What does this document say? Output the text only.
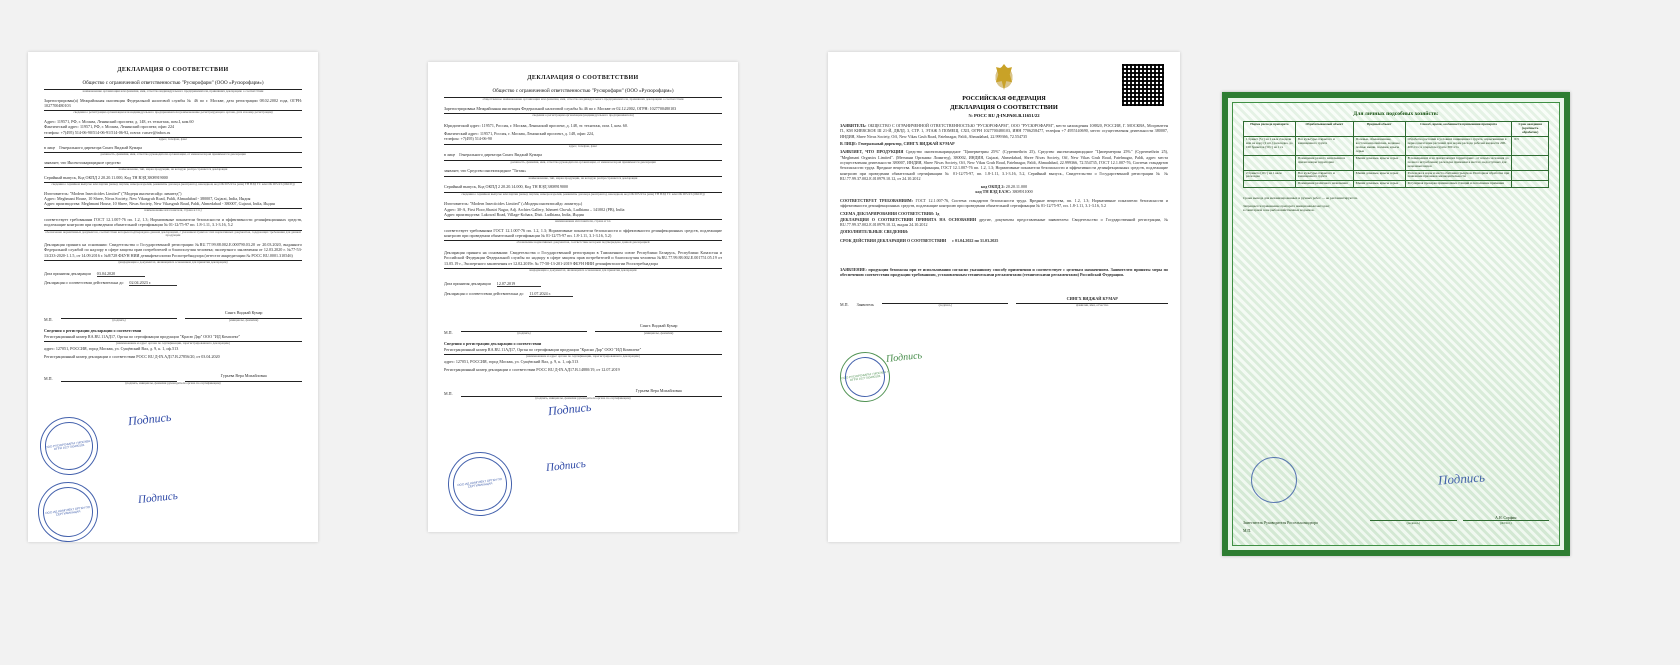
ДЕКЛАРАЦИЯ О СООТВЕТСТВИИ
Общество с ограниченной ответственностью "Русюрофарм" (ООО «Русюрофарм»)
наименование организации или фамилия, имя, отчество индивидуального предпринимателя, принявших декларацию о соответствии
Зарегистрирован(а) Межрайонная инспекция Федеральной налоговой службы № 46 по г. Москве, дата регистрации 08.02.2002 года, ОГРН: 1027700480103
сведения о регистрации организации или индивидуального предпринимателя (наименование регистрирующего органа, дата и номер регистрации)
Адрес: 119571, РФ, г. Москва, Ленинский проспект, д. 148, эт. технэтаж, пом.I, ком.60
Фактический адрес: 119571, РФ, г. Москва, Ленинский проспект, офис 224
телефон: +7(495) 514-06-90/514-06-91/514-06-92, почта: russev@inbox.ru
адрес, телефон, факс
в лице Генерального директора Сингх Виджай Кумара
должность, фамилия, имя, отчество руководителя организации, от имени которой принимается декларация
заявляет, что Инсектоакарицидное средство
наименование, тип, марка продукции, на которую распространяется декларация
Серийный выпуск, Код ОКПД 2 20.20.11.000, Код ТН ВЭД 3808919000
сведения о серийном выпуске или партии (номер партии, номера изделий, реквизиты договора (контракта), накладной, код ОК 005-93 и (или) ТН ВЭД ТС или ОК 005-93 (ОКСП))
Изготовитель: "Modern Insecticides Limited" ("Модерн инсектисайдс лимитед")
Адрес: Meghmani House, 10 Shree, Nivas Society, New Vikasgruh Road, Paldi, Ahmadabad - 380007, Gujarat, India, Индия
Адрес производства: Meghmani House, 10 Shree, Nivas Society, New Vikasgruh Road, Paldi, Ahmedabad - 380007, Gujarat, India, Индия
наименование изготовителя, страна и т.п.)
соответствует требованиям ГОСТ 12.1.007-76 пп. 1.2, 1.3; Нормативные показатели безопасности и эффективности дезинфекционных средств, подлежащие контролю при проведении обязательной сертификации № 01-12/75-97 пп. 1.8-1.11, 3.1-3.16, 5.2
обозначение нормативных документов, соответствие которым подтверждено данной декларацией, с указанием пунктов этих нормативных документов, содержащих требования для данной продукции
Декларация принята на основании: Свидетельства о Государственной регистрации №RU.77.99.88.002.Е.000790.03.20 от 20.03.2020, выданного Федеральной службой по надзору в сфере защиты прав потребителей и благополучия человека; экспертного заключения от 12.03.2020 г. №77-53-13/233-2020-1.1.5, от 14.09.2016 г. №8/728 ФБУН НИИ дезинфектологии Роспотребнадзора (аттестат аккредитации № РОСС RU.0001.310546)
(информация о документах, являющихся основанием для принятия декларации)
Дата принятия декларации 03.04.2020
Декларация о соответствии действительна до 02.04.2023 г.
М.П.	(подпись)
Сингх Виджай Кумар
(инициалы, фамилия)
Сведения о регистрации декларации о соответствии
Регистрационный номер RA.RU.11АД17, Орган по сертификации продукции "Красю Дар" ООО "ИД Комплект"
(наименование и адрес органа по сертификации, зарегистрировавшего декларацию)
адрес: 127051, РОССИЯ, город Москва, ул. Сущёвский Вал, д. 9, к. 1, оф.513
Регистрационный номер декларации о соответствии РОСС RU Д-IN.АД17.В.27856/20, от 03.04.2020
М.П.
Гурьева Вера Михайловна
(подпись, инициалы, фамилия руководителя органа по сертификации)
ООО РУСЮРОФАРМ • МОСКВА • ОГРН 1027700480103
Подпись
ООО ИД КОМПЛЕКТ ОРГАН ПО СЕРТИФИКАЦИИ
Подпись
ДЕКЛАРАЦИЯ О СООТВЕТСТВИИ
Общество с ограниченной ответственностью "Русюрофарм" (ООО «Русюрофарм»)
общественное наименование организации или фамилия, имя, отчество индивидуального предпринимателя, принявших декларацию о соответствии
Зарегистрирована Межрайонная инспекция Федеральной налоговой службы № 46 по г. Москве от 02.12.2002, ОГРН: 1027700480103
сведения о регистрации организации (индивидуального предпринимателя)
Юридический адрес: 119571, Россия, г. Москва, Ленинский проспект, д. 148, эт. технэтаж, пом. I, ком. 60.
Фактический адрес: 119571, Россия, г. Москва, Ленинский проспект, д. 148, офис 224,
телефон: +7(495) 514-06-90
адрес, телефон, факс
в лице Генерального директора Сингх Виджай Кумара
должность, фамилия, имя, отчество руководителя организации, от имени которой принимается декларация
заявляет, что Средство инсектицидное "Титан»
наименование, тип, марка продукции, на которую распространяется декларация
Серийный выпуск, Код ОКПД 2 20.20.14.000, Код ТН ВЭД 3808919000
сведения о серийном выпуске или партии (номер партии, номера изделий, реквизиты договора (контракта), накладной, код ОК 005-93 и (или) ТН ВЭД ТС или ОК 005-93 (ОКСП))
Изготовитель: "Modern Insecticides Limited" («Модерн инсектисайдс лимитед»)
Адрес: 30-А, First Floor,Shastri Nagar, Adj. Archies Gallery, Ishmeet Chowk, Ludhiana – 141002 (PB), India
Адрес производства: Lakowal Road, Village-Kohara, Distt. Ludhiana, India, Индия
наименование изготовителя, страна и т.п.
соответствует требованиям ГОСТ 12.1.007-76 пп. 1.2, 1.3; Нормативные показатели безопасности и эффективности дезинфекционных средств, подлежащие контролю при проведении обязательной сертификации № 01-12/75-97 пп. 1.8-1.11, 3.1-3.16, 5.2)
обозначение нормативных документов, соответствие которым подтверждено данной декларацией
Декларация принята на основании: Свидетельства о Государственной регистрации в Таможенном союзе Республики Беларусь, Республики Казахстан и Российской Федерации Федеральной службы по надзору в сфере защиты прав потребителей и благополучия человека №RU.77.99.88.002.Е.001751.05.19 от 13.05.19 г., Экспертного заключения от 12.02.2019г. № 77-50-13-201-2019 ФБУН НИИ дезинфектологии Роспотребнадзора
информация о документах, являющихся основанием для принятия декларации
Дата принятия декларации 12.07.2019
Декларация о соответствии действительна до 11.07.2024 г.
М.П.	(подпись)
Сингх Виджай Кумар
(инициалы, фамилия)
Сведения о регистрации декларации о соответствии
Регистрационный номер RA.RU.11АД17, Орган по сертификации продукции "Красно Дар" ООО "ИД Комплект"
(наименование и адрес органа по сертификации, зарегистрировавшего декларацию)
адрес: 127051, РОССИЯ, город Москва, ул. Сущёвский Вал, д. 9, к. 1, оф.513
Регистрационный номер декларации о соответствии РОСС RU Д-IN.АД17.В.14880/19, от 12.07.2019
М.П.
Гурьева Вера Михайловна
(подпись, инициалы, фамилия руководителя органа по сертификации)
Подпись
ООО ИД КОМПЛЕКТ ОРГАН ПО СЕРТИФИКАЦИИ
Подпись
РОССИЙСКАЯ ФЕДЕРАЦИЯ
ДЕКЛАРАЦИЯ О СООТВЕТСТВИИ
№ РОСС RU Д-IN.РА01.В.11651/22
ЗАЯВИТЕЛЬ: ОБЩЕСТВО С ОГРАНИЧЕННОЙ ОТВЕТСТВЕННОСТЬЮ "РУСЮРОФАРМ", ООО "РУСЮРОФАРМ", место нахождения 108820, РОССИЯ, Г. МОСКВА, Мосрентген П., КМ КИЕВСКОЕ Ш 21-Й, ДВЛД. 3, СТР. 1, ЭТАЖ 5 ПОМЕЩ. СХII, ОГРН 1027700480103, ИНН 7706258477, телефон +7 4955140690, место осуществления деятельности 380007, ИНДИЯ, Shree Nivas Society, Off, New Vikas Gruh Road, Fatehnagar, Paldi, Ahmadabad, 22.999366, 72.554735
В ЛИЦЕ: Генеральный директор, СИНГХ ВИДЖАЙ КУМАР
ЗАЯВЛЯЕТ, ЧТО ПРОДУКЦИЯ Средство инсектоакарицидное "Циперметрин 25%" (Cypermethrin 25), Средство инсектоакарицидное "Циперметрин 25%" (Cypermethrin 25), "Meghmani Organics Limited". (Мегмани Органикс Лимитед), 380002, ИНДИЯ, Gujarat, Ahmedabad, Shree Nivas Society, Off, New Vikas Gruh Road, Fatehnagar, Paldi, адрес места осуществления деятельности 380007, ИНДИЯ, Shree Nivas Society, Off, New Vikas Gruh Road, Fatehnagar, Paldi, Ahmadabad, 22.999366, 72.554735, ГОСТ 12.1.007-76, Система стандартов безопасности труда. Вредные вещества. Классификация, ГОСТ 12.1.007-76 пп. 1.2, 1.3; Нормативные показатели безопасности и эффективности дезинфекционных средств, подлежащие контролю при проведении обязательной сертификации № 01-12/75-97, пп. 1.8-1.11, 3.1-3.16, 5.2, Серийный выпуск., Свидетельство о Государственной регистрации № № RU.77.99.37.002.E.010979.10.12, от 24.10.2012
код ОКПД 2: 20.20.11.000
код ТН ВЭД ЕАЭС: 3808911000
СООТВЕТСТВУЕТ ТРЕБОВАНИЯМ: ГОСТ 12.1.007-76, Система стандартов безопасности труда. Вредные вещества, пп. 1.2, 1.3; Нормативные показатели безопасности и эффективности дезинфекционных средств, подлежащие контролю при проведении обязательной сертификации № 01-12/75-97, пп. 1.8-1.11, 3.1-3.16, 5.2
СХЕМА ДЕКЛАРИРОВАНИЯ СООТВЕТСТВИЯ: 1д
ДЕКЛАРАЦИЯ О СООТВЕТСТВИИ ПРИНЯТА НА ОСНОВАНИИ другие, документы представленные заявителем: Свидетельство о Государственной регистрации, № RU.77.99.37.002.E.010979.10.12, выдан 24.10.2012
ДОПОЛНИТЕЛЬНЫЕ СВЕДЕНИЯ:
СРОК ДЕЙСТВИЯ ДЕКЛАРАЦИИ О СООТВЕТСТВИИ с 01.04.2022 по 31.03.2025
ЗАЯВЛЕНИЕ: продукция безопасна при ее использовании согласно указанному способу применения и соответствует с целевым назначением. Заявителем приняты меры по обеспечению соответствия продукции требованиям, установленным техническими регламентами (техническими регламентами) Российской Федерации.
М.П. Заявитель	(подпись)
СИНГХ ВИДЖАЙ КУМАР
фамилия, имя, отчество
ООО РУСЮРОФАРМ • МОСКВА • ОГРН 1027700480103
Подпись
Для личных подсобных хозяйств:
Норма расхода препарата	Обрабатываемый объект	Вредный объект	Способ, время, особенности применения препарата	Срок ожидания (кратность обработок)
1 брикет (5 г) на 1 кв.м 2 недели или на нору (2 шт.) раскладка, до 100 брикетов (50 г) на 1 га	Все культуры открытого и защищенного грунта	Полевые, обыкновенные, восточноевропейские, водяные, лесные мыши, полевки, крысы серые	Обработка растений в условиях защищенного грунта, опрыскивание в период вегетации растений при норме расхода рабочей жидкости 200-400 л/га; в открытом грунте 300 л/га	6/3
	Помещения разного назначения и прилегающая территория	Мыши домовые, крысы серые	В помещениях и на прилегающих территориях - от начала заселения до полного истребления; раскладка приманки в местах, недоступных для нецелевых видов	
2 брикета (10 г) на 1 кв.м раскладка	Все культуры открытого и защищенного грунта	Мыши домовые, крысы серые	Раскладка в норы и места обитания грызунов. Повторная обработка при появлении признаков жизнедеятельности	
	Помещения различного назначения	Мыши домовые, крысы серые	Регулярная проверка приманочных станций и пополнение приманки	
Сроки выхода для механизированных и ручных работ — не регламентируются.
Запрещается применение препарата авиационным методом;
в санитарной зоне рыбохозяйственных водоемов.
Заместитель Руководителя Россельхознадзора	(подпись)
А.Н. Сорфин
(Ф.И.О.)
М.П.
Подпись
